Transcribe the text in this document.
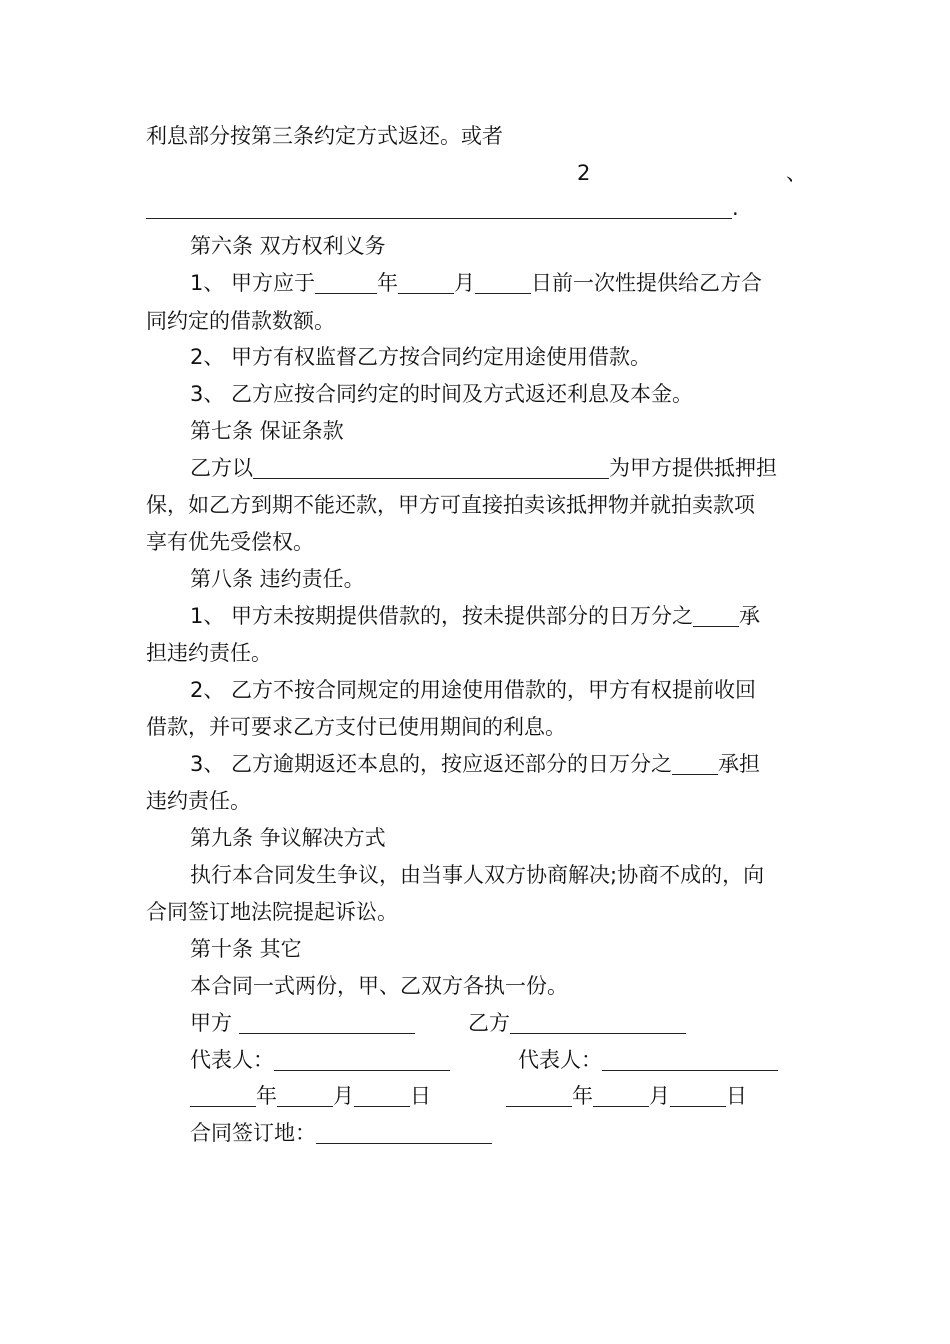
利息部分按第三条约定方式返还。或者
2	、
.
第六条 双方权利义务
1、 甲方应于	年	月	日前一次性提供给乙方合
同约定的借款数额。
2、 甲方有权监督乙方按合同约定用途使用借款。
3、 乙方应按合同约定的时间及方式返还利息及本金。
第七条 保证条款
乙方以	为甲方提供抵押担
保，如乙方到期不能还款，甲方可直接拍卖该抵押物并就拍卖款项
享有优先受偿权。
第八条 违约责任。
1、 甲方未按期提供借款的，按未提供部分的日万分之 承
担违约责任。
2、 乙方不按合同规定的用途使用借款的，甲方有权提前收回
借款，并可要求乙方支付已使用期间的利息。
3、 乙方逾期返还本息的，按应返还部分的日万分之 承担
违约责任。
第九条 争议解决方式
执行本合同发生争议，由当事人双方协商解决;协商不成的，向
合同签订地法院提起诉讼。
第十条 其它
本合同一式两份，甲、乙双方各执一份。
甲方	乙方
代表人：	代表人：
年	月	日	年	月	日
合同签订地：
